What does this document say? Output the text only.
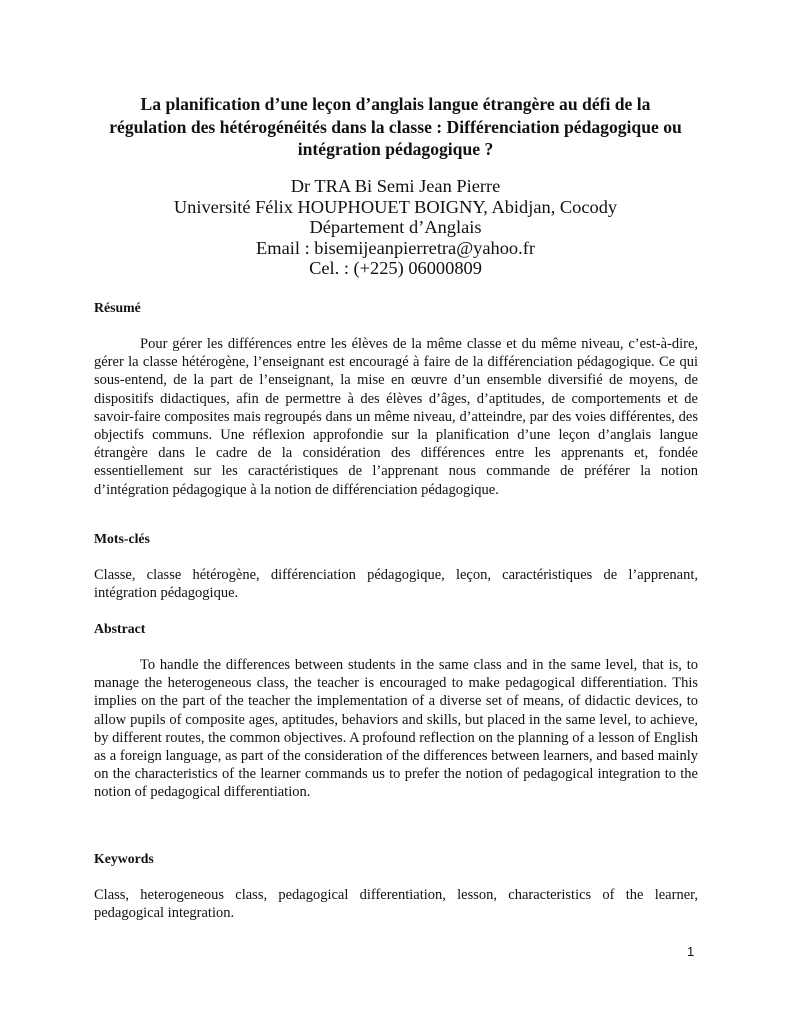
La planification d’une leçon d’anglais langue étrangère au défi de la
régulation des hétérogénéités dans la classe : Différenciation pédagogique ou
intégration pédagogique ?
Dr TRA Bi Semi Jean Pierre
Université Félix HOUPHOUET BOIGNY, Abidjan, Cocody
Département d’Anglais
Email : bisemijeanpierretra@yahoo.fr
Cel. : (+225) 06000809
Résumé

Pour gérer les différences entre les élèves de la même classe et du même niveau, c’est-à-dire, gérer la classe hétérogène, l’enseignant est encouragé à faire de la différenciation pédagogique. Ce qui sous-entend, de la part de l’enseignant, la mise en œuvre d’un ensemble diversifié de moyens, de dispositifs didactiques, afin de permettre à des élèves d’âges, d’aptitudes, de comportements et de savoir-faire composites mais regroupés dans un même niveau, d’atteindre, par des voies différentes, des objectifs communs. Une réflexion approfondie sur la planification d’une leçon d’anglais langue étrangère dans le cadre de la considération des différences entre les apprenants et, fondée essentiellement sur les caractéristiques de l’apprenant nous commande de préférer la notion d’intégration pédagogique à la notion de différenciation pédagogique.

Mots-clés

Classe, classe hétérogène, différenciation pédagogique, leçon, caractéristiques de l’apprenant, intégration pédagogique.

Abstract

To handle the differences between students in the same class and in the same level, that is, to manage the heterogeneous class, the teacher is encouraged to make pedagogical differentiation. This implies on the part of the teacher the implementation of a diverse set of means, of didactic devices, to allow pupils of composite ages, aptitudes, behaviors and skills, but placed in the same level, to achieve, by different routes, the common objectives. A profound reflection on the planning of a lesson of English as a foreign language, as part of the consideration of the differences between learners, and based mainly on the characteristics of the learner commands us to prefer the notion of pedagogical integration to the notion of pedagogical differentiation.

Keywords

Class, heterogeneous class, pedagogical differentiation, lesson, characteristics of the learner, pedagogical integration.

1
